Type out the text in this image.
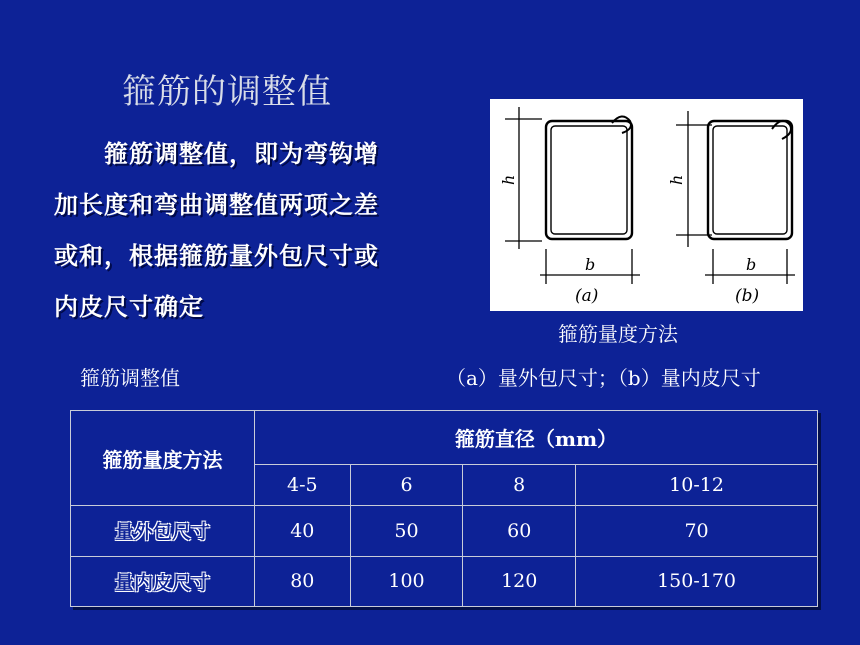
箍筋的调整值
箍筋调整值，即为弯钩增
加长度和弯曲调整值两项之差
或和，根据箍筋量外包尺寸或
内皮尺寸确定
h	h
b	b
(a)	(b)
箍筋量度方法
（a）量外包尺寸；（b）量内皮尺寸
箍筋调整值
箍筋量度方法	箍筋直径（mm）			
	4-5	6	8	10-12
量外包尺寸	40	50	60	70
量内皮尺寸	80	100	120	150-170
